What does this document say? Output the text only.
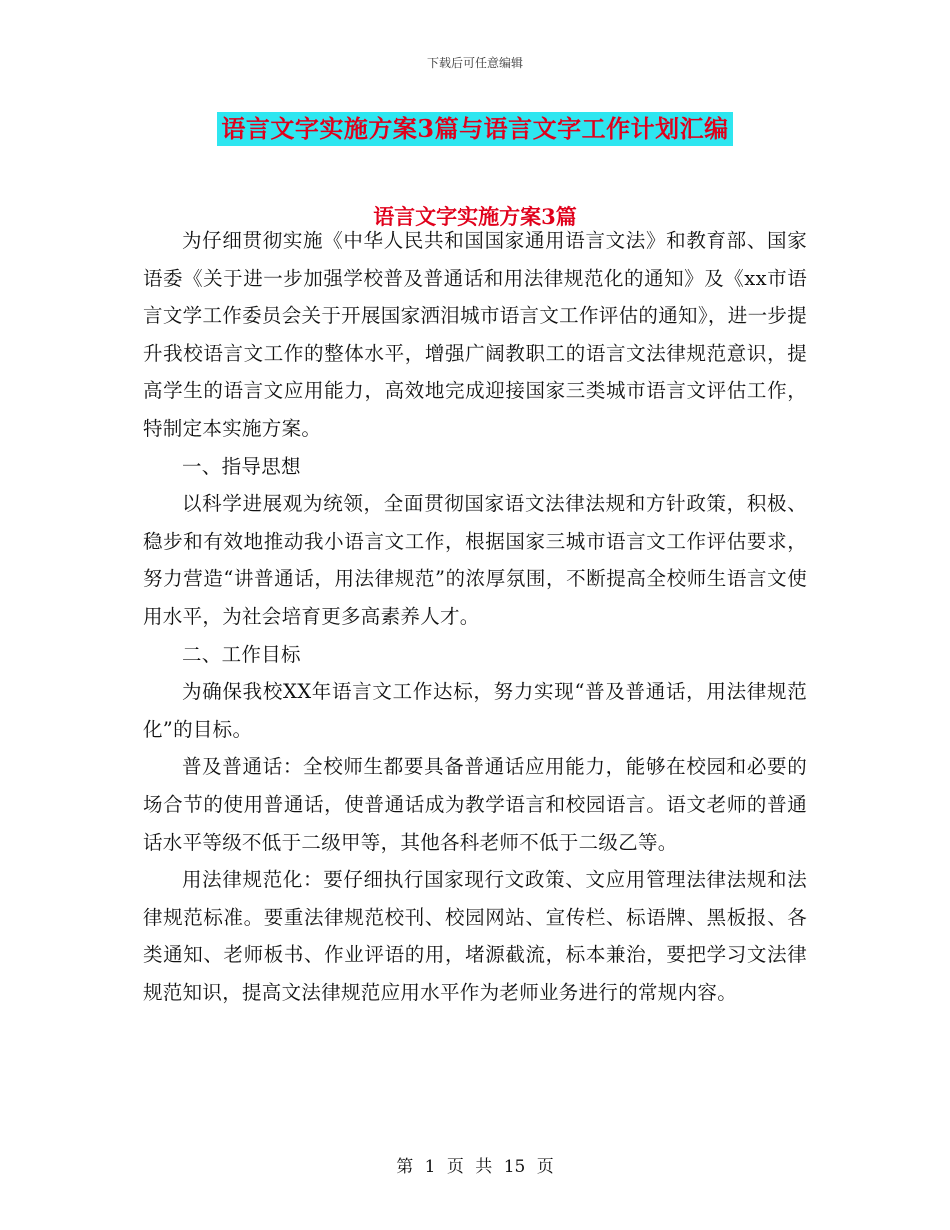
下载后可任意编辑
语言文字实施方案3篇与语言文字工作计划汇编
语言文字实施方案3篇

为仔细贯彻实施《中华人民共和国国家通用语言文法》和教育部、国家语委《关于进一步加强学校普及普通话和用法律规范化的通知》及《xx市语言文学工作委员会关于开展国家洒泪城市语言文工作评估的通知》，进一步提升我校语言文工作的整体水平，增强广阔教职工的语言文法律规范意识，提高学生的语言文应用能力，高效地完成迎接国家三类城市语言文评估工作，特制定本实施方案。

一、指导思想

以科学进展观为统领，全面贯彻国家语文法律法规和方针政策，积极、稳步和有效地推动我小语言文工作，根据国家三城市语言文工作评估要求，努力营造“讲普通话，用法律规范”的浓厚氛围，不断提高全校师生语言文使用水平，为社会培育更多高素养人才。

二、工作目标

为确保我校XX年语言文工作达标，努力实现“普及普通话，用法律规范化”的目标。

普及普通话：全校师生都要具备普通话应用能力，能够在校园和必要的场合节的使用普通话，使普通话成为教学语言和校园语言。语文老师的普通话水平等级不低于二级甲等，其他各科老师不低于二级乙等。

用法律规范化：要仔细执行国家现行文政策、文应用管理法律法规和法律规范标准。要重法律规范校刊、校园网站、宣传栏、标语牌、黑板报、各类通知、老师板书、作业评语的用，堵源截流，标本兼治，要把学习文法律规范知识，提高文法律规范应用水平作为老师业务进行的常规内容。

第 1 页 共 15 页
